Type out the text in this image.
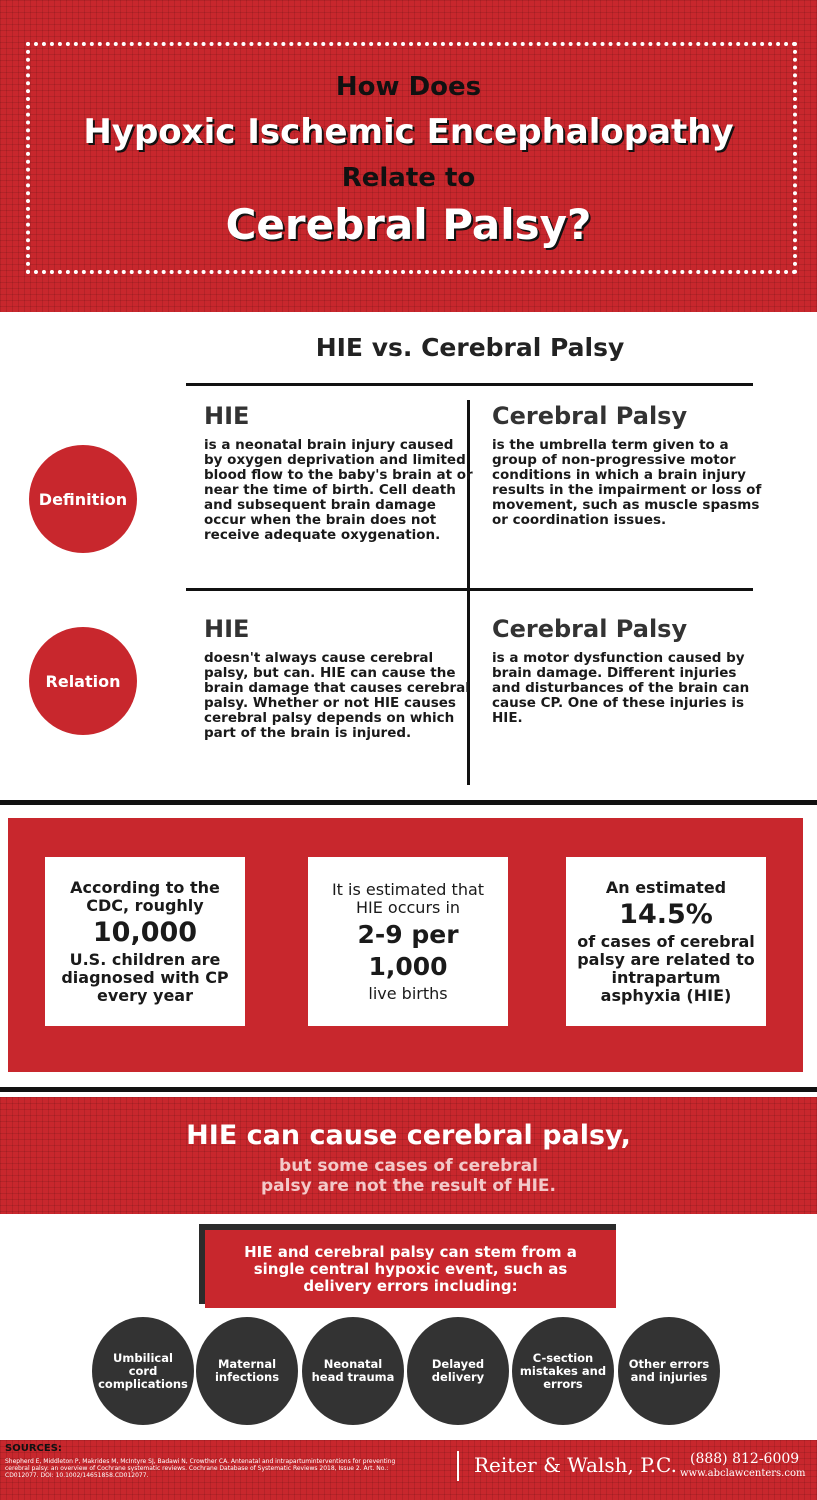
How Does
Hypoxic Ischemic Encephalopathy
Relate to
Cerebral Palsy?
HIE vs. Cerebral Palsy
Definition
Relation
HIE

is a neonatal brain injury caused by oxygen deprivation and limited blood flow to the baby's brain at or near the time of birth. Cell death and subsequent brain damage occur when the brain does not receive adequate oxygenation.

Cerebral Palsy

is the umbrella term given to a group of non-progressive motor conditions in which a brain injury results in the impairment or loss of movement, such as muscle spasms or coordination issues.

HIE

doesn't always cause cerebral palsy, but can. HIE can cause the brain damage that causes cerebral palsy. Whether or not HIE causes cerebral palsy depends on which part of the brain is injured.

Cerebral Palsy

is a motor dysfunction caused by brain damage. Different injuries and disturbances of the brain can cause CP. One of these injuries is HIE.

According to the CDC, roughly
10,000
U.S. children are diagnosed with CP every year
It is estimated that HIE occurs in
2-9 per 1,000
live births
An estimated
14.5%
of cases of cerebral palsy are related to intrapartum asphyxia (HIE)
HIE can cause cerebral palsy,
but some cases of cerebral
palsy are not the result of HIE.
HIE and cerebral palsy can stem from a single central hypoxic event, such as delivery errors including:
Umbilical cord complications
Maternal infections
Neonatal head trauma
Delayed delivery
C-section mistakes and errors
Other errors and injuries
SOURCES:
Shepherd E, Middleton P, Makrides M, McIntyre SJ, Badawi N, Crowther CA. Antenatal and intrapartuminterventions for preventing cerebral palsy: an overview of Cochrane systematic reviews. Cochrane Database of Systematic Reviews 2018, Issue 2. Art. No.: CD012077. DOI: 10.1002/14651858.CD012077.	Reiter & Walsh, P.C. (888) 812-6009
www.abclawcenters.com
